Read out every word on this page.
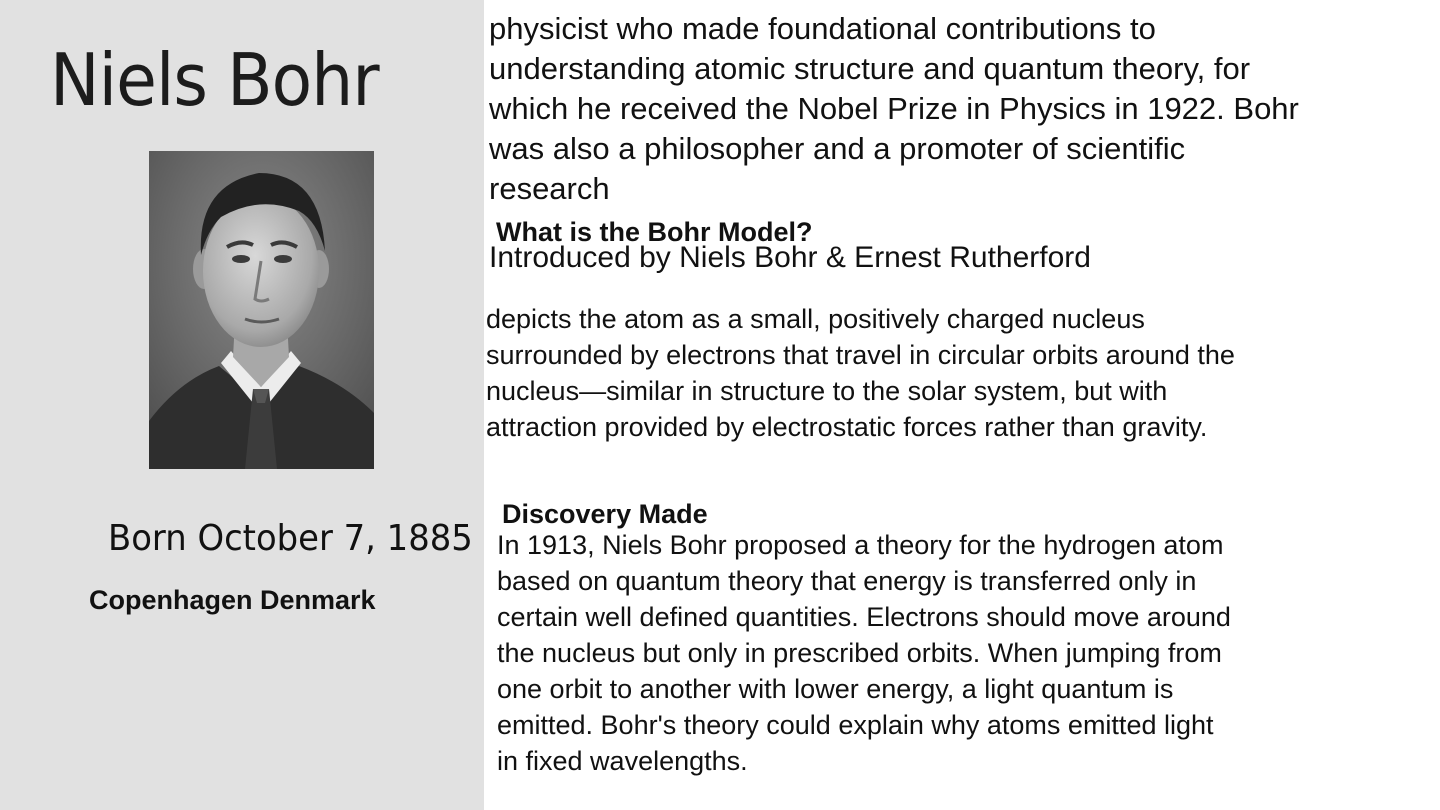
Niels Bohr

Born October 7, 1885

Copenhagen Denmark

physicist who made foundational contributions to
understanding atomic structure and quantum theory, for
which he received the Nobel Prize in Physics in 1922. Bohr
was also a philosopher and a promoter of scientific
research
What is the Bohr Model?
Introduced by Niels Bohr & Ernest Rutherford
depicts the atom as a small, positively charged nucleus
surrounded by electrons that travel in circular orbits around the
nucleus—similar in structure to the solar system, but with
attraction provided by electrostatic forces rather than gravity.
Discovery Made
In 1913, Niels Bohr proposed a theory for the hydrogen atom
based on quantum theory that energy is transferred only in
certain well defined quantities. Electrons should move around
the nucleus but only in prescribed orbits. When jumping from
one orbit to another with lower energy, a light quantum is
emitted. Bohr's theory could explain why atoms emitted light
in fixed wavelengths.
